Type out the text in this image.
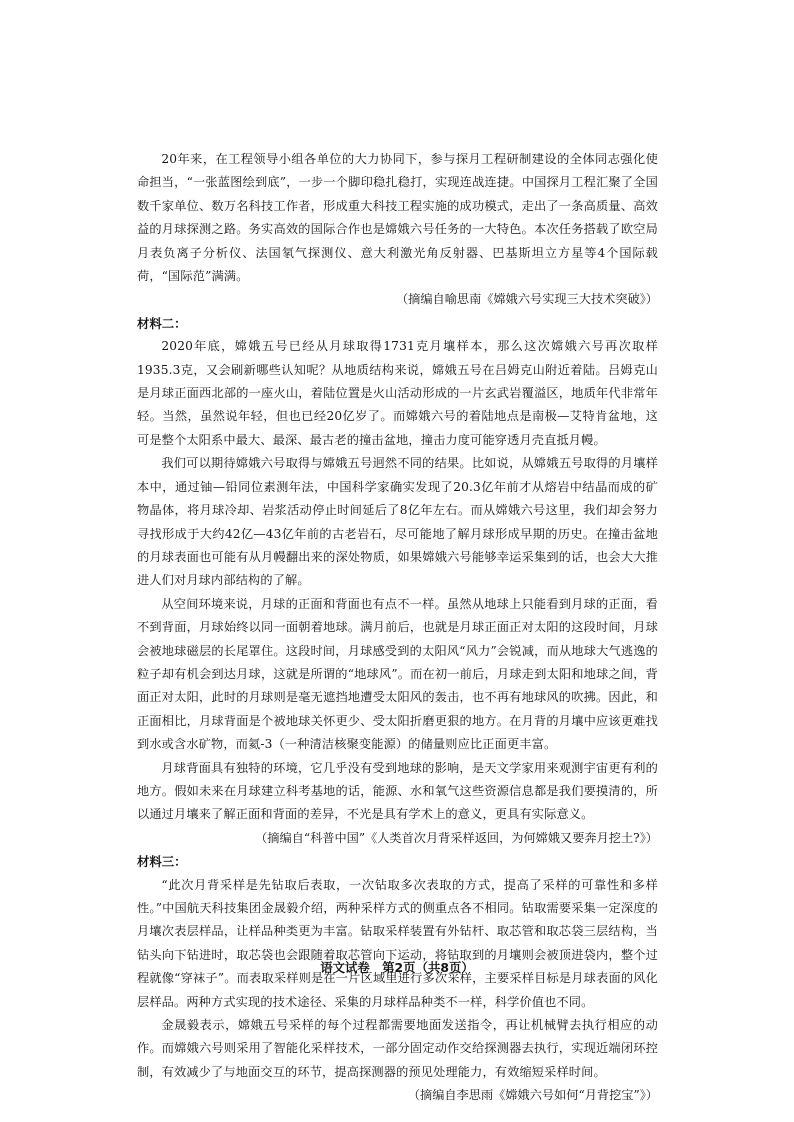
20年来，在工程领导小组各单位的大力协同下，参与探月工程研制建设的全体同志强化使命担当，“一张蓝图绘到底”，一步一个脚印稳扎稳打，实现连战连捷。中国探月工程汇聚了全国数千家单位、数万名科技工作者，形成重大科技工程实施的成功模式，走出了一条高质量、高效益的月球探测之路。务实高效的国际合作也是嫦娥六号任务的一大特色。本次任务搭载了欧空局月表负离子分析仪、法国氡气探测仪、意大利激光角反射器、巴基斯坦立方星等4个国际载荷，“国际范”满满。

（摘编自喻思南《嫦娥六号实现三大技术突破》）

材料二：

2020年底，嫦娥五号已经从月球取得1731克月壤样本，那么这次嫦娥六号再次取样1935.3克，又会刷新哪些认知呢？从地质结构来说，嫦娥五号在吕姆克山附近着陆。吕姆克山是月球正面西北部的一座火山，着陆位置是火山活动形成的一片玄武岩覆溢区，地质年代非常年轻。当然，虽然说年轻，但也已经20亿岁了。而嫦娥六号的着陆地点是南极—艾特肯盆地，这可是整个太阳系中最大、最深、最古老的撞击盆地，撞击力度可能穿透月壳直抵月幔。

我们可以期待嫦娥六号取得与嫦娥五号迥然不同的结果。比如说，从嫦娥五号取得的月壤样本中，通过铀—铅同位素测年法，中国科学家确实发现了20.3亿年前才从熔岩中结晶而成的矿物晶体，将月球冷却、岩浆活动停止时间延后了8亿年左右。而从嫦娥六号这里，我们却会努力寻找形成于大约42亿—43亿年前的古老岩石，尽可能地了解月球形成早期的历史。在撞击盆地的月球表面也可能有从月幔翻出来的深处物质，如果嫦娥六号能够幸运采集到的话，也会大大推进人们对月球内部结构的了解。

从空间环境来说，月球的正面和背面也有点不一样。虽然从地球上只能看到月球的正面，看不到背面，月球始终以同一面朝着地球。满月前后，也就是月球正面正对太阳的这段时间，月球会被地球磁层的长尾罩住。这段时间，月球感受到的太阳风“风力”会锐减，而从地球大气逃逸的粒子却有机会到达月球，这就是所谓的“地球风”。而在初一前后，月球走到太阳和地球之间，背面正对太阳，此时的月球则是毫无遮挡地遭受太阳风的轰击，也不再有地球风的吹拂。因此，和正面相比，月球背面是个被地球关怀更少、受太阳折磨更狠的地方。在月背的月壤中应该更难找到水或含水矿物，而氦-3（一种清洁核聚变能源）的储量则应比正面更丰富。

月球背面具有独特的环境，它几乎没有受到地球的影响，是天文学家用来观测宇宙更有利的地方。假如未来在月球建立科考基地的话，能源、水和氧气这些资源信息都是我们要摸清的，所以通过月壤来了解正面和背面的差异，不光是具有学术上的意义，更具有实际意义。

（摘编自“科普中国”《人类首次月背采样返回，为何嫦娥又要奔月挖土?》）

材料三：

“此次月背采样是先钻取后表取，一次钻取多次表取的方式，提高了采样的可靠性和多样性。”中国航天科技集团金晟毅介绍，两种采样方式的侧重点各不相同。钻取需要采集一定深度的月壤次表层样品，让样品种类更为丰富。钻取采样装置有外钻杆、取芯管和取芯袋三层结构，当钻头向下钻进时，取芯袋也会跟随着取芯管向下运动，将钻取到的月壤则会被顶进袋内，整个过程就像“穿袜子”。而表取采样则是在一片区域里进行多次采样，主要采样目标是月球表面的风化层样品。两种方式实现的技术途径、采集的月球样品种类不一样，科学价值也不同。

金晟毅表示，嫦娥五号采样的每个过程都需要地面发送指令，再让机械臂去执行相应的动作。而嫦娥六号则采用了智能化采样技术，一部分固定动作交给探测器去执行，实现近端闭环控制，有效减少了与地面交互的环节，提高探测器的预见处理能力，有效缩短采样时间。

（摘编自李思雨《嫦娥六号如何“月背挖宝”》）

语文试卷　第2页（共8页）
